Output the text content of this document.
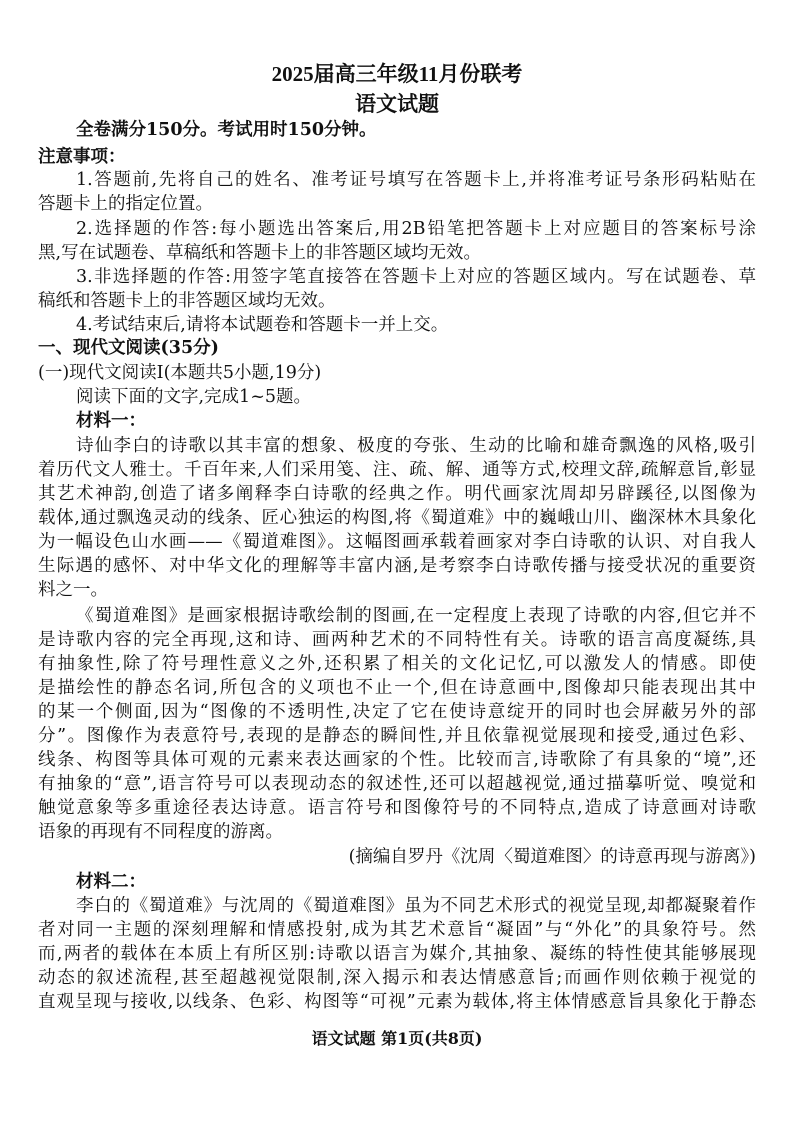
2025届高三年级11月份联考
语文试题
全卷满分150分。考试用时150分钟。
注意事项：
1.答题前,先将自己的姓名、准考证号填写在答题卡上,并将准考证号条形码粘贴在
答题卡上的指定位置。
2.选择题的作答:每小题选出答案后,用2B铅笔把答题卡上对应题目的答案标号涂
黑,写在试题卷、草稿纸和答题卡上的非答题区域均无效。
3.非选择题的作答:用签字笔直接答在答题卡上对应的答题区域内。写在试题卷、草
稿纸和答题卡上的非答题区域均无效。
4.考试结束后,请将本试题卷和答题卡一并上交。
一、现代文阅读(35分)
(一)现代文阅读Ⅰ(本题共5小题,19分)
阅读下面的文字,完成1~5题。
材料一：
诗仙李白的诗歌以其丰富的想象、极度的夸张、生动的比喻和雄奇飘逸的风格,吸引
着历代文人雅士。千百年来,人们采用笺、注、疏、解、通等方式,校理文辞,疏解意旨,彰显
其艺术神韵,创造了诸多阐释李白诗歌的经典之作。明代画家沈周却另辟蹊径,以图像为
载体,通过飘逸灵动的线条、匠心独运的构图,将《蜀道难》中的巍峨山川、幽深林木具象化
为一幅设色山水画——《蜀道难图》。这幅图画承载着画家对李白诗歌的认识、对自我人
生际遇的感怀、对中华文化的理解等丰富内涵,是考察李白诗歌传播与接受状况的重要资
料之一。
《蜀道难图》是画家根据诗歌绘制的图画,在一定程度上表现了诗歌的内容,但它并不
是诗歌内容的完全再现,这和诗、画两种艺术的不同特性有关。诗歌的语言高度凝练,具
有抽象性,除了符号理性意义之外,还积累了相关的文化记忆,可以激发人的情感。即使
是描绘性的静态名词,所包含的义项也不止一个,但在诗意画中,图像却只能表现出其中
的某一个侧面,因为“图像的不透明性,决定了它在使诗意绽开的同时也会屏蔽另外的部
分”。图像作为表意符号,表现的是静态的瞬间性,并且依靠视觉展现和接受,通过色彩、
线条、构图等具体可观的元素来表达画家的个性。比较而言,诗歌除了有具象的“境”,还
有抽象的“意”,语言符号可以表现动态的叙述性,还可以超越视觉,通过描摹听觉、嗅觉和
触觉意象等多重途径表达诗意。语言符号和图像符号的不同特点,造成了诗意画对诗歌
语象的再现有不同程度的游离。
(摘编自罗丹《沈周〈蜀道难图〉的诗意再现与游离》)
材料二：
李白的《蜀道难》与沈周的《蜀道难图》虽为不同艺术形式的视觉呈现,却都凝聚着作
者对同一主题的深刻理解和情感投射,成为其艺术意旨“凝固”与“外化”的具象符号。然
而,两者的载体在本质上有所区别:诗歌以语言为媒介,其抽象、凝练的特性使其能够展现
动态的叙述流程,甚至超越视觉限制,深入揭示和表达情感意旨;而画作则依赖于视觉的
直观呈现与接收,以线条、色彩、构图等“可视”元素为载体,将主体情感意旨具象化于静态
语文试题 第1页(共8页)
